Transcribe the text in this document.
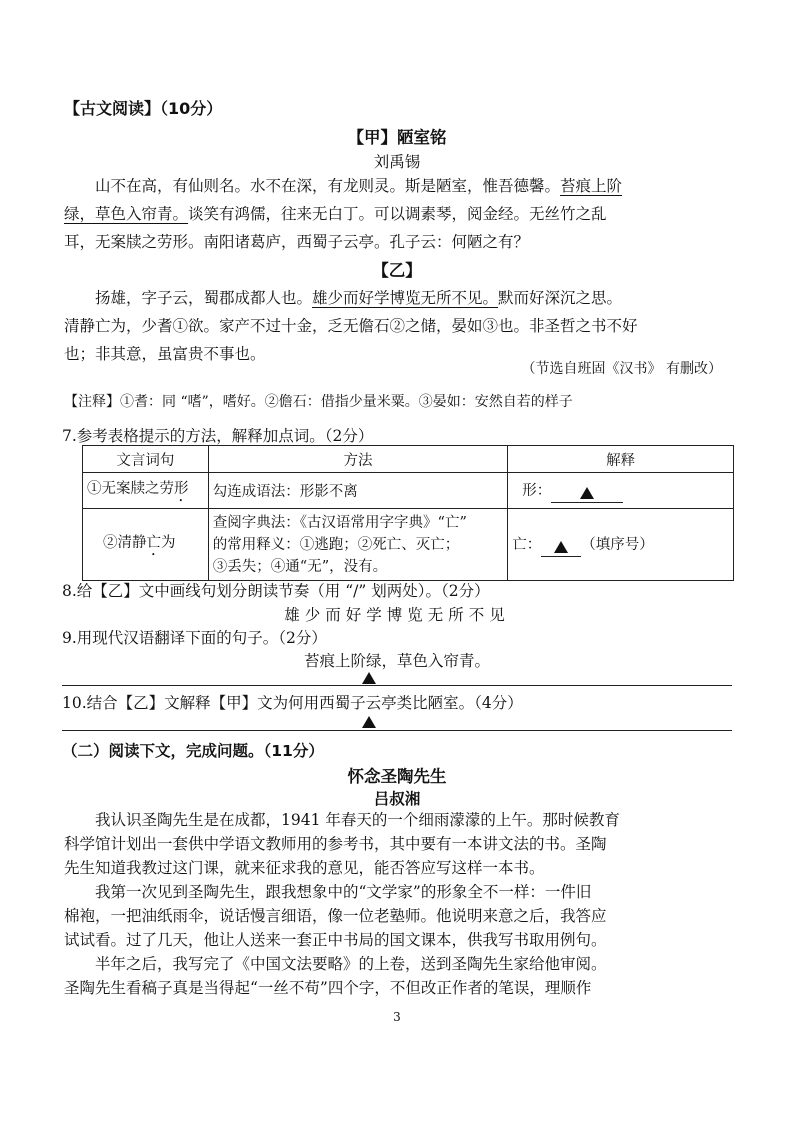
【古文阅读】（10分）
【甲】陋室铭
刘禹锡
山不在高，有仙则名。水不在深，有龙则灵。斯是陋室，惟吾德馨。苔痕上阶
绿，草色入帘青。谈笑有鸿儒，往来无白丁。可以调素琴，阅金经。无丝竹之乱
耳，无案牍之劳形。南阳诸葛庐，西蜀子云亭。孔子云：何陋之有？
【乙】
扬雄，字子云，蜀郡成都人也。雄少而好学博览无所不见。默而好深沉之思。
清静亡为，少耆①欲。家产不过十金，乏无儋石②之储，晏如③也。非圣哲之书不好
也；非其意，虽富贵不事也。
（节选自班固《汉书》 有删改）
【注释】①耆：同 “嗜”，嗜好。②儋石：借指少量米粟。③晏如：安然自若的样子
7.参考表格提示的方法，解释加点词。（2分）
文言词句	方法	解释
①无案牍之劳形	勾连成语法：形影不离	形：
②清静亡为	查阅字典法：《古汉语常用字字典》“亡”
的常用释义：①逃跑；②死亡、灭亡；
③丢失；④通“无”，没有。	亡： （填序号）
8.给【乙】文中画线句划分朗读节奏（用 “/” 划两处）。（2分）
雄少而好学博览无所不见
9.用现代汉语翻译下面的句子。（2分）
苔痕上阶绿，草色入帘青。
10.结合【乙】文解释【甲】文为何用西蜀子云亭类比陋室。（4分）
（二）阅读下文，完成问题。（11分）
怀念圣陶先生
吕叔湘
我认识圣陶先生是在成都，1941 年春天的一个细雨濛濛的上午。那时候教育
科学馆计划出一套供中学语文教师用的参考书，其中要有一本讲文法的书。圣陶
先生知道我教过这门课，就来征求我的意见，能否答应写这样一本书。
我第一次见到圣陶先生，跟我想象中的“文学家”的形象全不一样：一件旧
棉袍，一把油纸雨伞，说话慢言细语，像一位老塾师。他说明来意之后，我答应
试试看。过了几天，他让人送来一套正中书局的国文课本，供我写书取用例句。
半年之后，我写完了《中国文法要略》的上卷，送到圣陶先生家给他审阅。
圣陶先生看稿子真是当得起“一丝不苟”四个字，不但改正作者的笔误，理顺作
3
